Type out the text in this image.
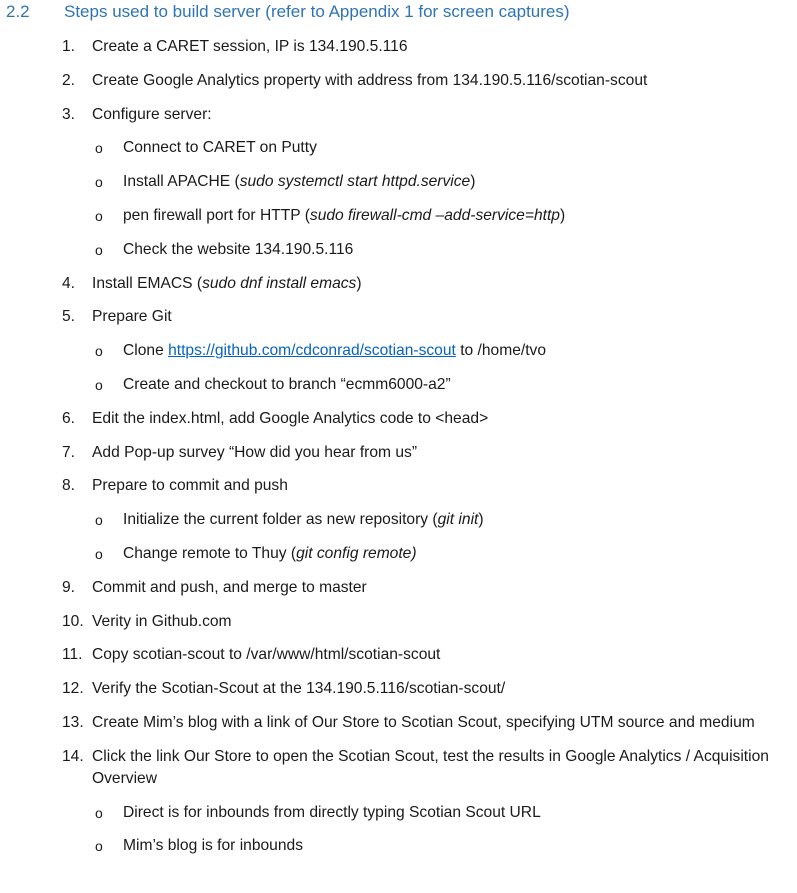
2.2 Steps used to build server (refer to Appendix 1 for screen captures)
1. Create a CARET session, IP is 134.190.5.116
2. Create Google Analytics property with address from 134.190.5.116/scotian-scout
3. Configure server:
o Connect to CARET on Putty
o Install APACHE (sudo systemctl start httpd.service)
o pen firewall port for HTTP (sudo firewall-cmd –add-service=http)
o Check the website 134.190.5.116
4. Install EMACS (sudo dnf install emacs)
5. Prepare Git
o Clone https://github.com/cdconrad/scotian-scout to /home/tvo
o Create and checkout to branch “ecmm6000-a2”
6. Edit the index.html, add Google Analytics code to <head>
7. Add Pop-up survey “How did you hear from us”
8. Prepare to commit and push
o Initialize the current folder as new repository (git init)
o Change remote to Thuy (git config remote)
9. Commit and push, and merge to master
10. Verity in Github.com
11. Copy scotian-scout to /var/www/html/scotian-scout
12. Verify the Scotian-Scout at the 134.190.5.116/scotian-scout/
13. Create Mim’s blog with a link of Our Store to Scotian Scout, specifying UTM source and medium
14. Click the link Our Store to open the Scotian Scout, test the results in Google Analytics / Acquisition Overview
o Direct is for inbounds from directly typing Scotian Scout URL
o Mim’s blog is for inbounds
